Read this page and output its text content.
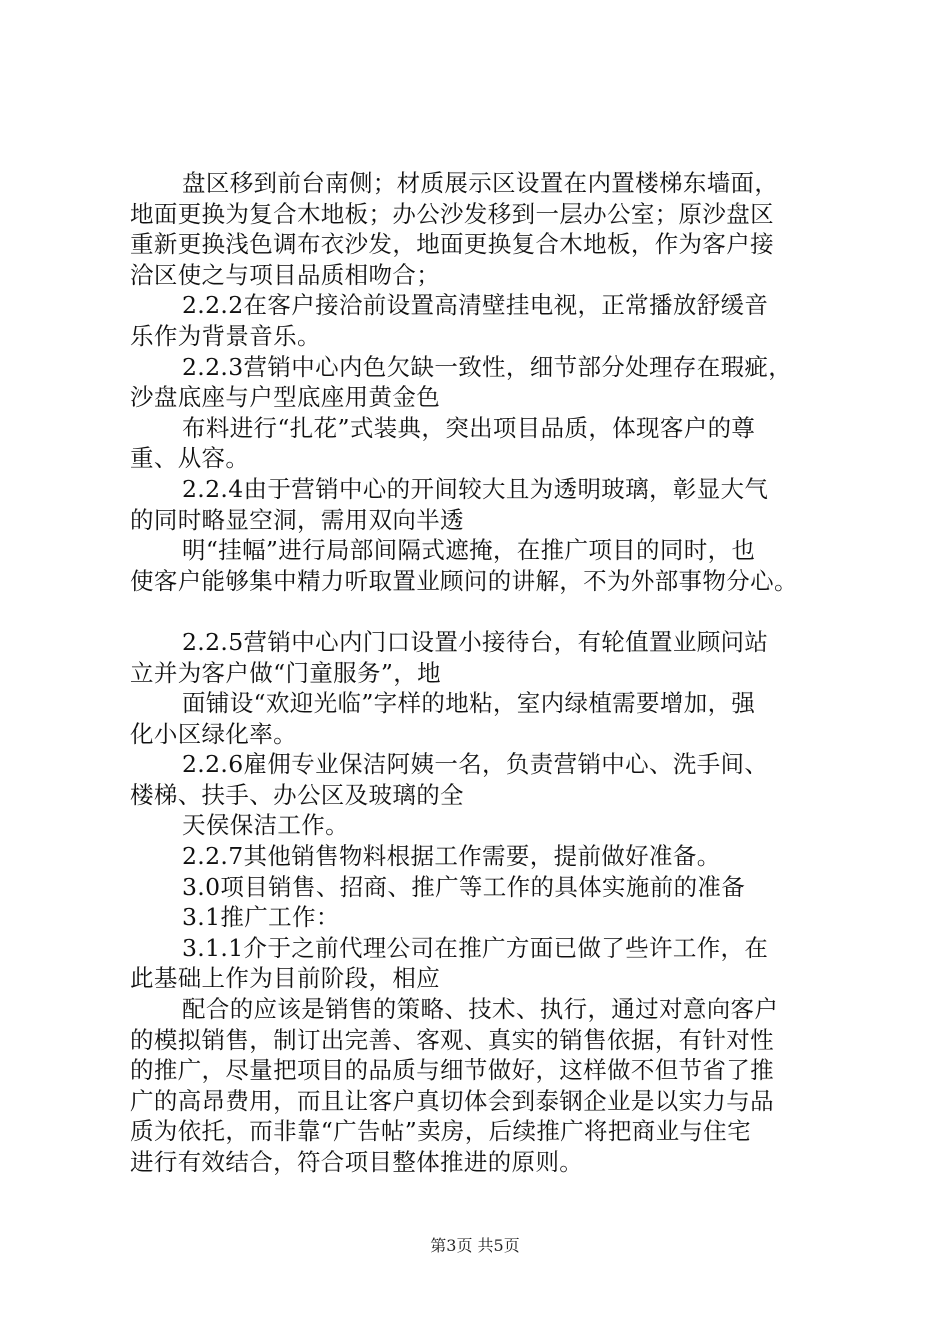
盘区移到前台南侧；材质展示区设置在内置楼梯东墙面，
地面更换为复合木地板；办公沙发移到一层办公室；原沙盘区
重新更换浅色调布衣沙发，地面更换复合木地板，作为客户接
洽区使之与项目品质相吻合；
2.2.2在客户接洽前设置高清壁挂电视，正常播放舒缓音
乐作为背景音乐。
2.2.3营销中心内色欠缺一致性，细节部分处理存在瑕疵，
沙盘底座与户型底座用黄金色
布料进行“扎花”式装典，突出项目品质，体现客户的尊
重、从容。
2.2.4由于营销中心的开间较大且为透明玻璃，彰显大气
的同时略显空洞，需用双向半透
明“挂幅”进行局部间隔式遮掩，在推广项目的同时，也
使客户能够集中精力听取置业顾问的讲解，不为外部事物分心。
2.2.5营销中心内门口设置小接待台，有轮值置业顾问站
立并为客户做“门童服务”，地
面铺设“欢迎光临”字样的地粘，室内绿植需要增加，强
化小区绿化率。
2.2.6雇佣专业保洁阿姨一名，负责营销中心、洗手间、
楼梯、扶手、办公区及玻璃的全
天侯保洁工作。
2.2.7其他销售物料根据工作需要，提前做好准备。
3.0项目销售、招商、推广等工作的具体实施前的准备
3.1推广工作：
3.1.1介于之前代理公司在推广方面已做了些许工作，在
此基础上作为目前阶段，相应
配合的应该是销售的策略、技术、执行，通过对意向客户
的模拟销售，制订出完善、客观、真实的销售依据，有针对性
的推广，尽量把项目的品质与细节做好，这样做不但节省了推
广的高昂费用，而且让客户真切体会到泰钢企业是以实力与品
质为依托，而非靠“广告帖”卖房，后续推广将把商业与住宅
进行有效结合，符合项目整体推进的原则。
第3页 共5页
